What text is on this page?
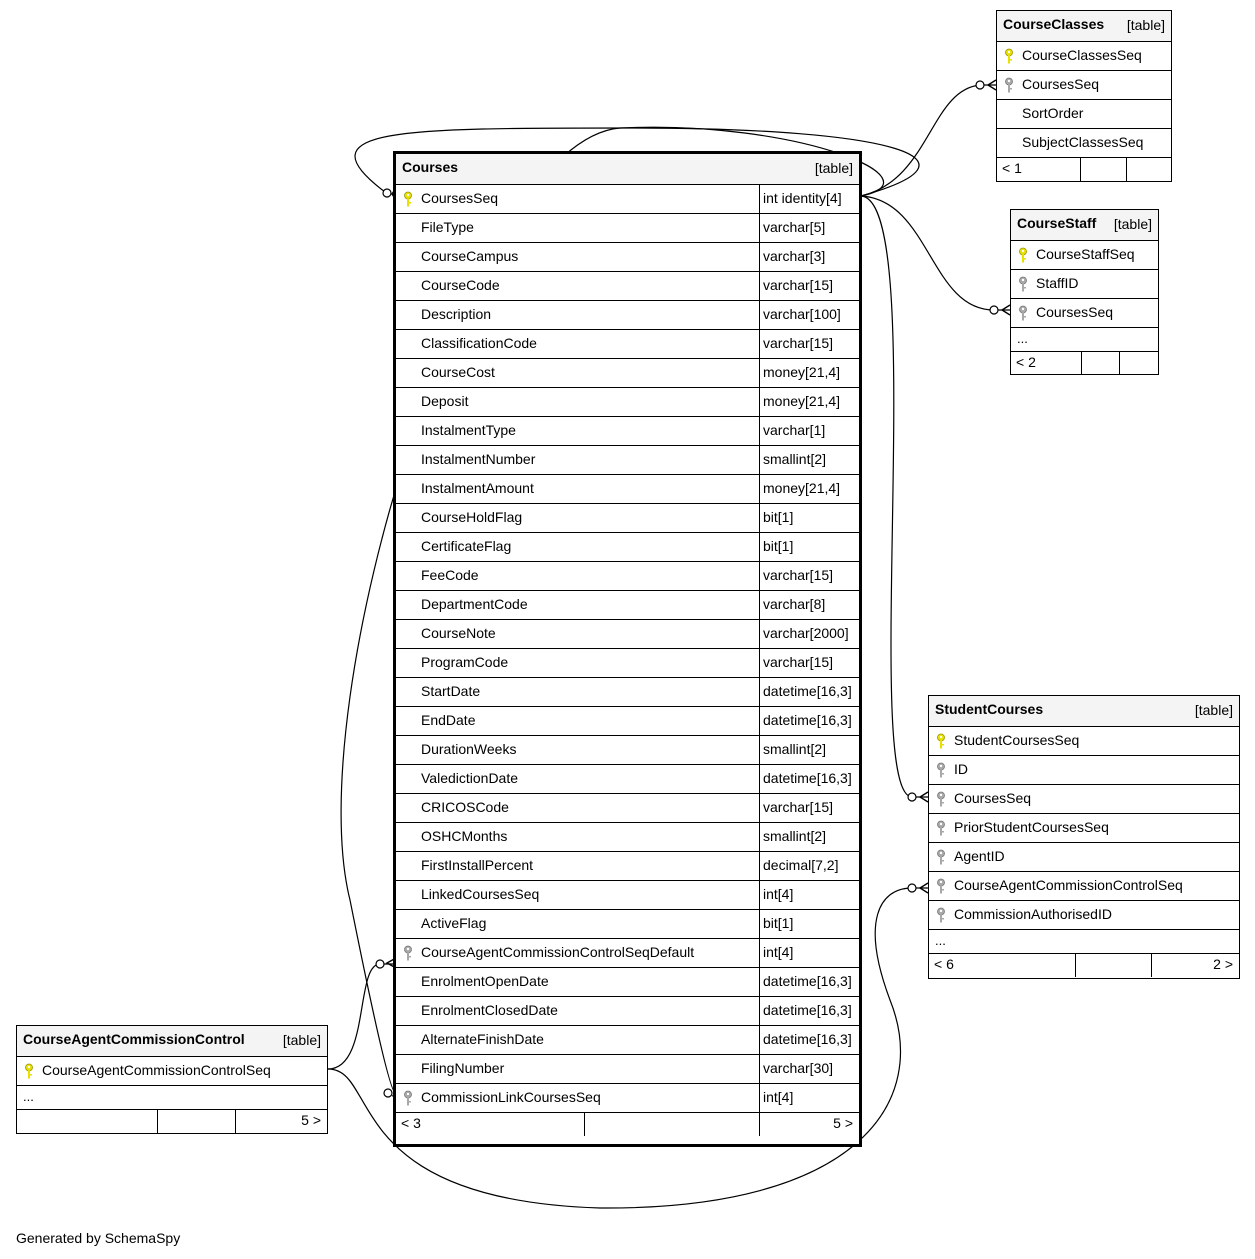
Courses	[table]
CoursesSeq	int identity[4]
FileType	varchar[5]
CourseCampus	varchar[3]
CourseCode	varchar[15]
Description	varchar[100]
ClassificationCode	varchar[15]
CourseCost	money[21,4]
Deposit	money[21,4]
InstalmentType	varchar[1]
InstalmentNumber	smallint[2]
InstalmentAmount	money[21,4]
CourseHoldFlag	bit[1]
CertificateFlag	bit[1]
FeeCode	varchar[15]
DepartmentCode	varchar[8]
CourseNote	varchar[2000]
ProgramCode	varchar[15]
StartDate	datetime[16,3]
EndDate	datetime[16,3]
DurationWeeks	smallint[2]
ValedictionDate	datetime[16,3]
CRICOSCode	varchar[15]
OSHCMonths	smallint[2]
FirstInstallPercent	decimal[7,2]
LinkedCoursesSeq	int[4]
ActiveFlag	bit[1]
CourseAgentCommissionControlSeqDefault	int[4]
EnrolmentOpenDate	datetime[16,3]
EnrolmentClosedDate	datetime[16,3]
AlternateFinishDate	datetime[16,3]
FilingNumber	varchar[30]
CommissionLinkCoursesSeq	int[4]
< 3	5 >
CourseClasses [table]
CourseClassesSeq
CoursesSeq
SortOrder
SubjectClassesSeq
< 1
CourseStaff [table]
CourseStaffSeq
StaffID
CoursesSeq
...
< 2
StudentCourses	[table]
StudentCoursesSeq
ID
CoursesSeq
PriorStudentCoursesSeq
AgentID
CourseAgentCommissionControlSeq
CommissionAuthorisedID
...
< 6	2 >
CourseAgentCommissionControl	[table]
CourseAgentCommissionControlSeq
...
5 >
Generated by SchemaSpy
